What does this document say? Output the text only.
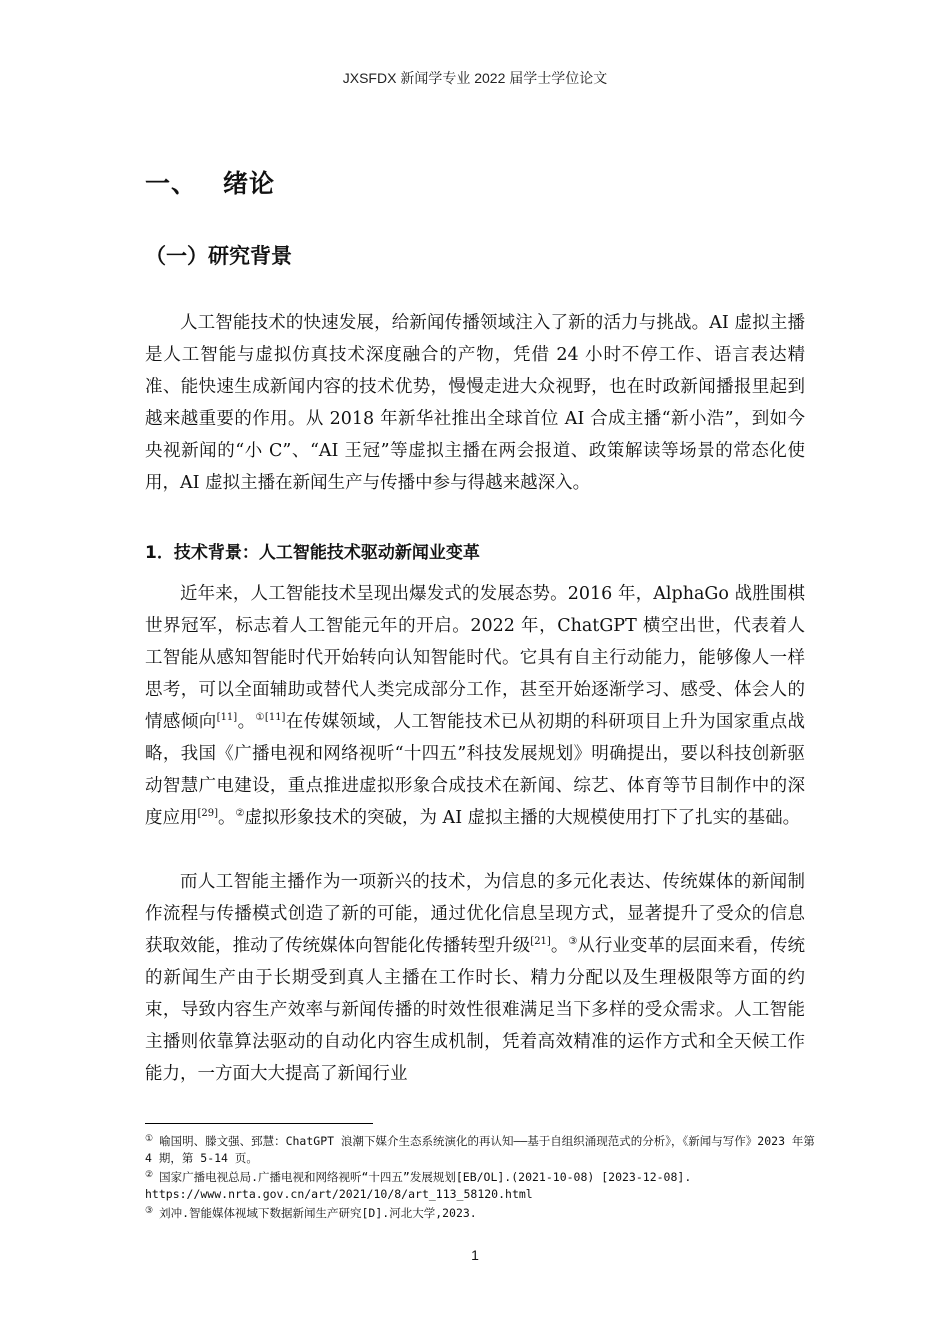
JXSFDX 新闻学专业 2022 届学士学位论文
一、 绪论
（一）研究背景

人工智能技术的快速发展，给新闻传播领域注入了新的活力与挑战。AI 虚拟主播是人工智能与虚拟仿真技术深度融合的产物，凭借 24 小时不停工作、语言表达精准、能快速生成新闻内容的技术优势，慢慢走进大众视野，也在时政新闻播报里起到越来越重要的作用。从 2018 年新华社推出全球首位 AI 合成主播“新小浩”，到如今央视新闻的“小 C”、“AI 王冠”等虚拟主播在两会报道、政策解读等场景的常态化使用，AI 虚拟主播在新闻生产与传播中参与得越来越深入。

1．技术背景：人工智能技术驱动新闻业变革

近年来，人工智能技术呈现出爆发式的发展态势。2016 年，AlphaGo 战胜围棋世界冠军，标志着人工智能元年的开启。2022 年，ChatGPT 横空出世，代表着人工智能从感知智能时代开始转向认知智能时代。它具有自主行动能力，能够像人一样思考，可以全面辅助或替代人类完成部分工作，甚至开始逐渐学习、感受、体会人的情感倾向[11]。$^{①[11]}$在传媒领域，人工智能技术已从初期的科研项目上升为国家重点战略，我国《广播电视和网络视听“十四五”科技发展规划》明确提出，要以科技创新驱动智慧广电建设，重点推进虚拟形象合成技术在新闻、综艺、体育等节目制作中的深度应用[29]。②虚拟形象技术的突破，为 AI 虚拟主播的大规模使用打下了扎实的基础。

而人工智能主播作为一项新兴的技术，为信息的多元化表达、传统媒体的新闻制作流程与传播模式创造了新的可能，通过优化信息呈现方式，显著提升了受众的信息获取效能，推动了传统媒体向智能化传播转型升级[21]。③从行业变革的层面来看，传统的新闻生产由于长期受到真人主播在工作时长、精力分配以及生理极限等方面的约束，导致内容生产效率与新闻传播的时效性很难满足当下多样的受众需求。人工智能主播则依靠算法驱动的自动化内容生成机制，凭着高效精准的运作方式和全天候工作能力，一方面大大提高了新闻行业

① 喻国明、滕文强、郅慧：ChatGPT 浪潮下媒介生态系统演化的再认知——基于自组织涌现范式的分析》，《新闻与写作》2023 年第 4 期，第 5-14 页。

② 国家广播电视总局.广播电视和网络视听“十四五”发展规划[EB/OL].(2021-10-08) [2023-12-08]. https://www.nrta.gov.cn/art/2021/10/8/art_113_58120.html

③ 刘冲.智能媒体视域下数据新闻生产研究[D].河北大学,2023.

1
